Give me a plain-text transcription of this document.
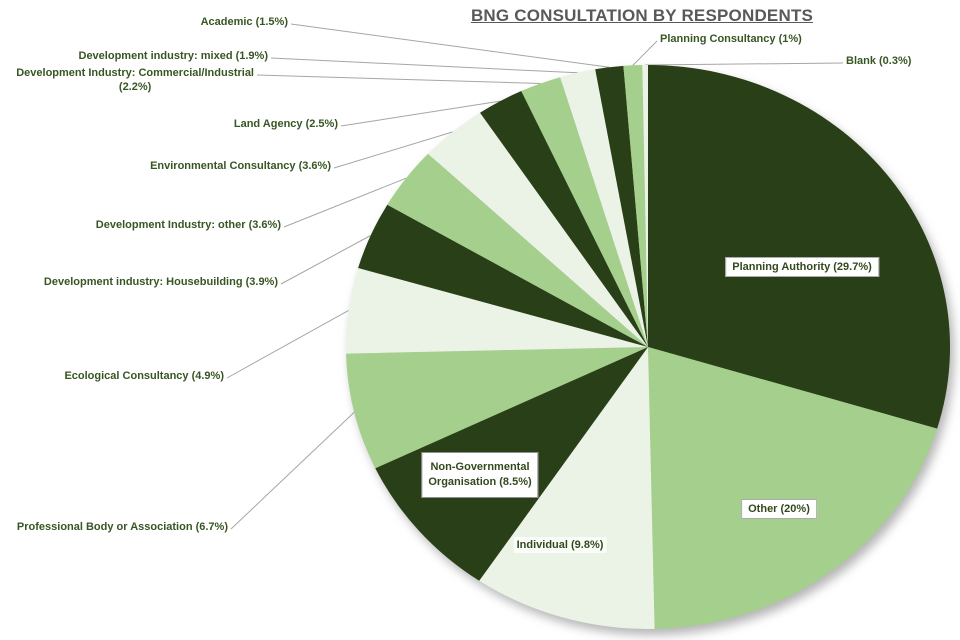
BNG CONSULTATION BY RESPONDENTS
Planning Authority (29.7%)
Other (20%)
Individual (9.8%)
Non-Governmental
Organisation (8.5%)
Professional Body or Association (6.7%)
Ecological Consultancy (4.9%)
Development industry: Housebuilding (3.9%)
Development Industry: other (3.6%)
Environmental Consultancy (3.6%)
Land Agency (2.5%)
Development Industry: Commercial/Industrial
(2.2%)
Development industry: mixed (1.9%)
Academic (1.5%)
Planning Consultancy (1%)
Blank (0.3%)
